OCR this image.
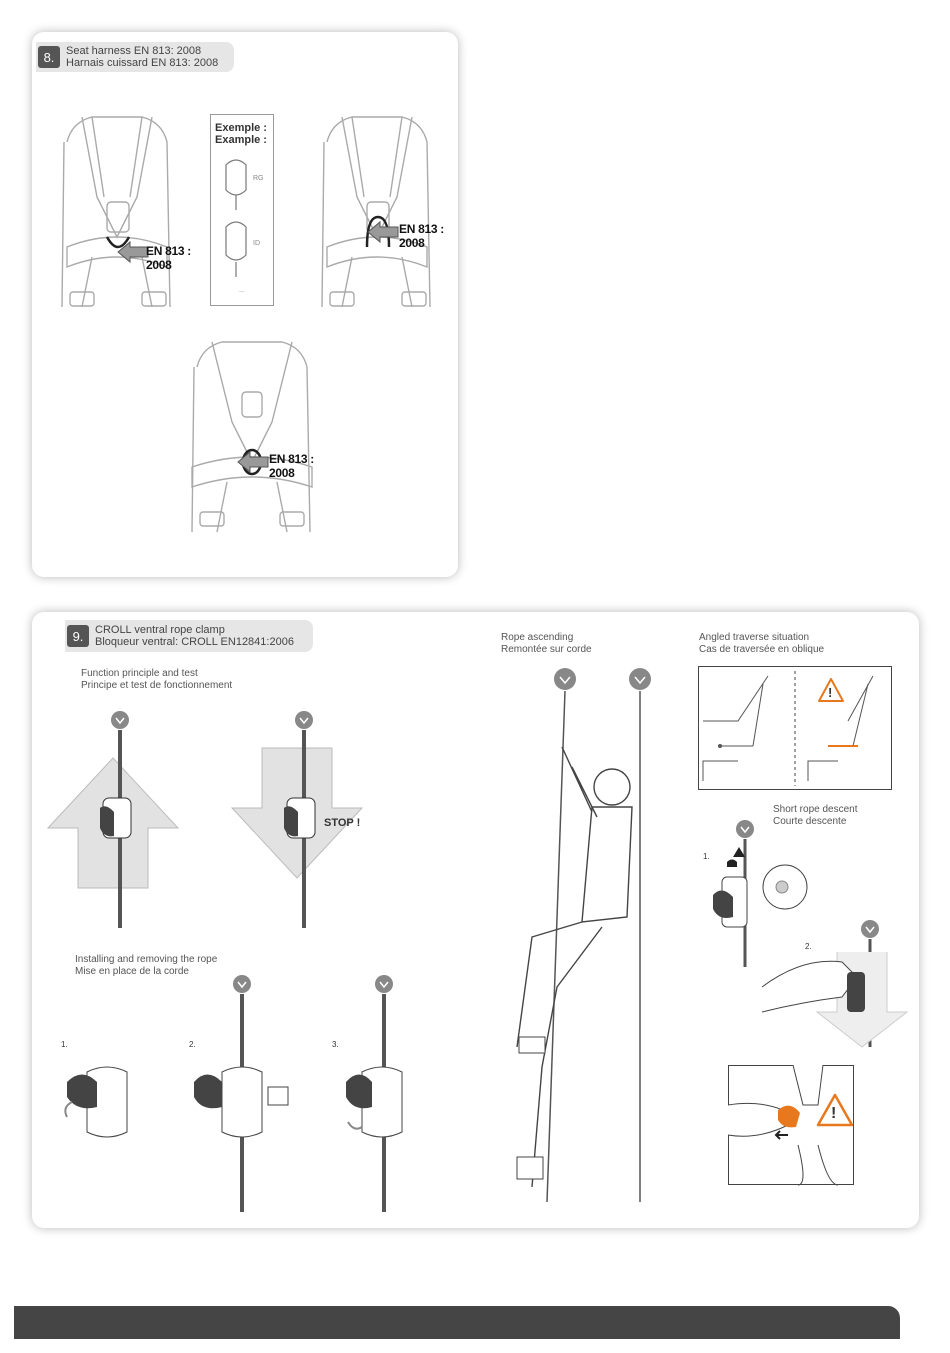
8.	Seat harness EN 813: 2008
Harnais cuissard EN 813: 2008
EN 813 :
2008
Exemple :
Example :
RG
ID
...
EN 813 :
2008
EN 813 :
2008
9.	CROLL ventral rope clamp
Bloqueur ventral: CROLL EN12841:2006
Function principle and test
Principe et test de fonctionnement
STOP !
Installing and removing the rope
Mise en place de la corde
1.	2.	3.
Rope ascending
Remontée sur corde
Angled traverse situation
Cas de traversée en oblique
!
Short rope descent
Courte descente
1.
2.
!
